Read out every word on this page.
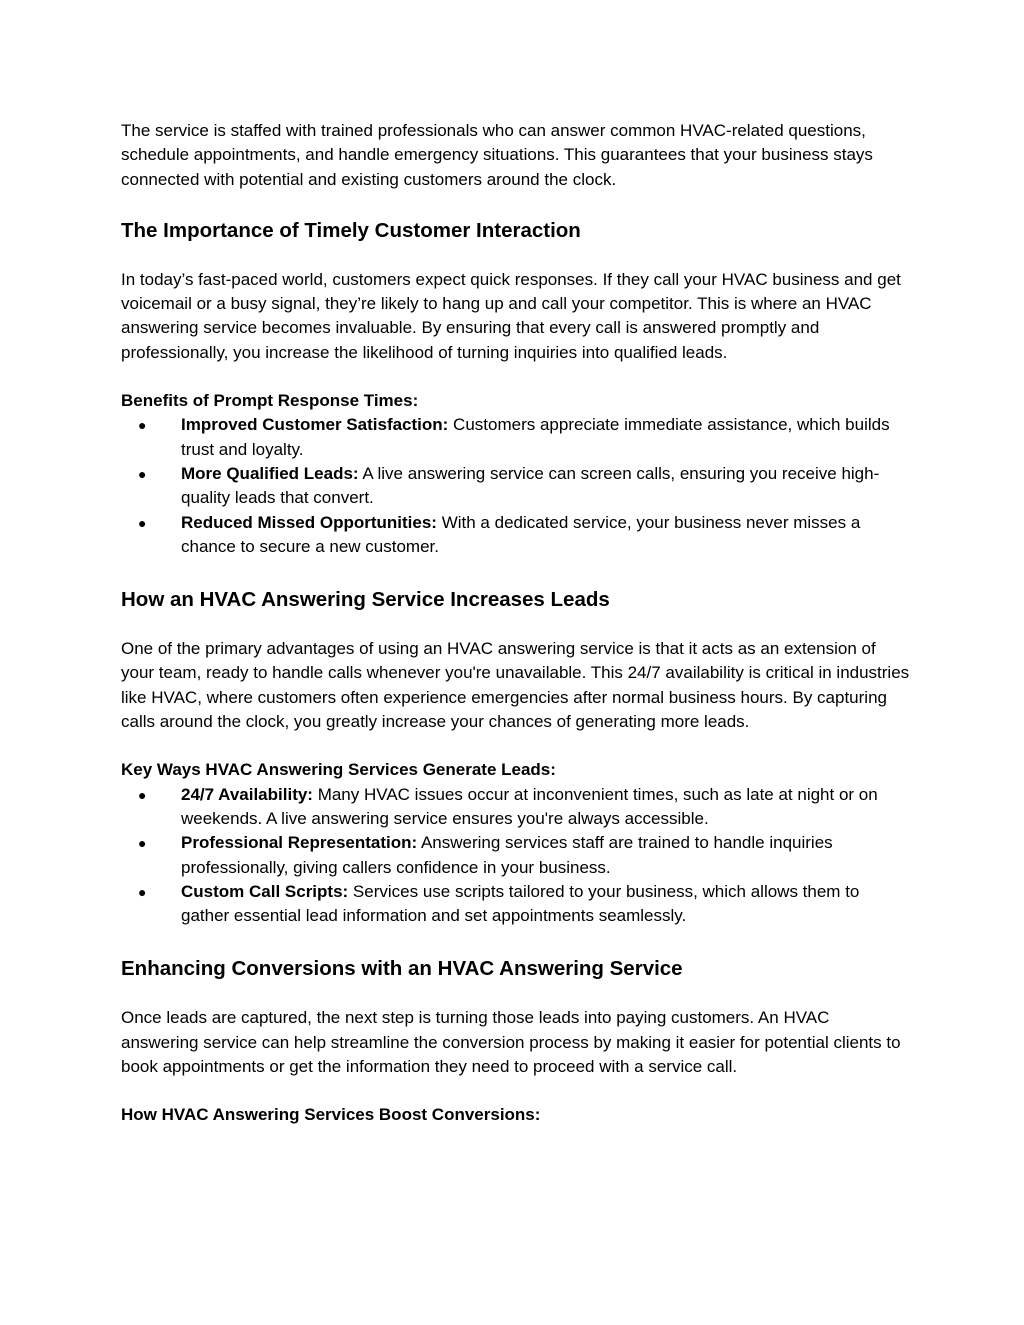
The service is staffed with trained professionals who can answer common HVAC-related questions, schedule appointments, and handle emergency situations. This guarantees that your business stays connected with potential and existing customers around the clock.

The Importance of Timely Customer Interaction

In today’s fast-paced world, customers expect quick responses. If they call your HVAC business and get voicemail or a busy signal, they’re likely to hang up and call your competitor. This is where an HVAC answering service becomes invaluable. By ensuring that every call is answered promptly and professionally, you increase the likelihood of turning inquiries into qualified leads.

Benefits of Prompt Response Times:
● Improved Customer Satisfaction: Customers appreciate immediate assistance, which builds trust and loyalty.
● More Qualified Leads: A live answering service can screen calls, ensuring you receive high-quality leads that convert.
● Reduced Missed Opportunities: With a dedicated service, your business never misses a chance to secure a new customer.
How an HVAC Answering Service Increases Leads

One of the primary advantages of using an HVAC answering service is that it acts as an extension of your team, ready to handle calls whenever you're unavailable. This 24/7 availability is critical in industries like HVAC, where customers often experience emergencies after normal business hours. By capturing calls around the clock, you greatly increase your chances of generating more leads.

Key Ways HVAC Answering Services Generate Leads:
● 24/7 Availability: Many HVAC issues occur at inconvenient times, such as late at night or on weekends. A live answering service ensures you're always accessible.
● Professional Representation: Answering services staff are trained to handle inquiries professionally, giving callers confidence in your business.
● Custom Call Scripts: Services use scripts tailored to your business, which allows them to gather essential lead information and set appointments seamlessly.
Enhancing Conversions with an HVAC Answering Service

Once leads are captured, the next step is turning those leads into paying customers. An HVAC answering service can help streamline the conversion process by making it easier for potential clients to book appointments or get the information they need to proceed with a service call.

How HVAC Answering Services Boost Conversions:
